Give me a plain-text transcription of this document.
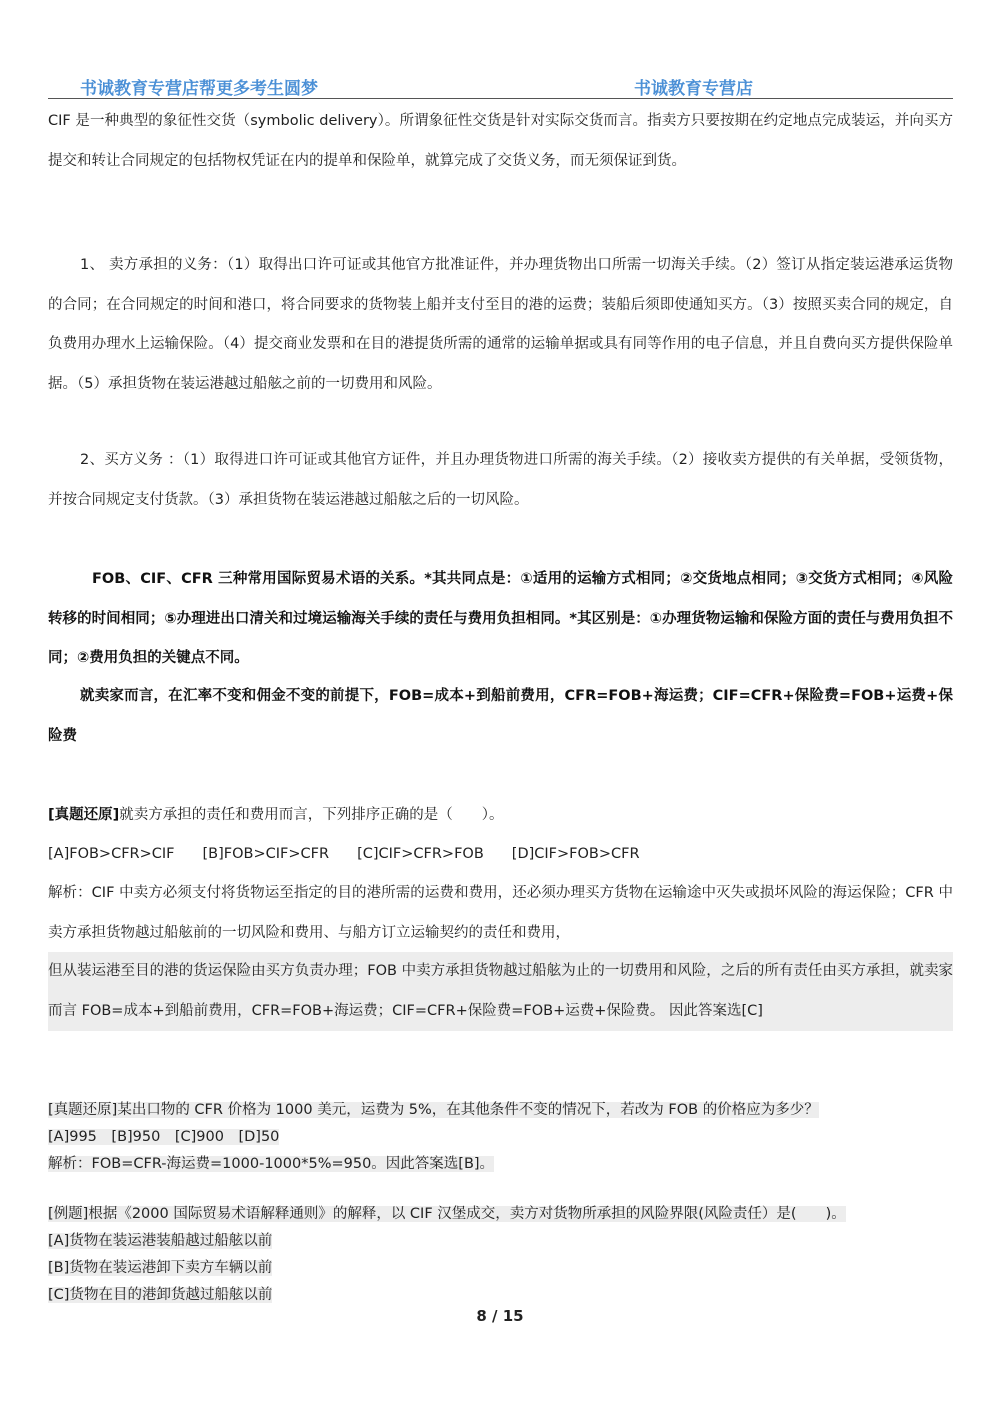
书诚教育专营店帮更多考生圆梦	书诚教育专营店
CIF 是一种典型的象征性交货（symbolic delivery）。所谓象征性交货是针对实际交货而言。指卖方只要按期在约定地点完成装运，并向买方提交和转让合同规定的包括物权凭证在内的提单和保险单，就算完成了交货义务，而无须保证到货。
1、 卖方承担的义务：（1）取得出口许可证或其他官方批准证件，并办理货物出口所需一切海关手续。（2）签订从指定装运港承运货物的合同；在合同规定的时间和港口，将合同要求的货物装上船并支付至目的港的运费；装船后须即使通知买方。（3）按照买卖合同的规定，自负费用办理水上运输保险。（4）提交商业发票和在目的港提货所需的通常的运输单据或具有同等作用的电子信息，并且自费向买方提供保险单据。（5）承担货物在装运港越过船舷之前的一切费用和风险。
2、买方义务 ：（1）取得进口许可证或其他官方证件，并且办理货物进口所需的海关手续。（2）接收卖方提供的有关单据，受领货物，并按合同规定支付货款。（3）承担货物在装运港越过船舷之后的一切风险。
FOB、CIF、CFR 三种常用国际贸易术语的关系。*其共同点是：①适用的运输方式相同；②交货地点相同；③交货方式相同；④风险转移的时间相同；⑤办理进出口清关和过境运输海关手续的责任与费用负担相同。*其区别是：①办理货物运输和保险方面的责任与费用负担不同；②费用负担的关键点不同。
就卖家而言，在汇率不变和佣金不变的前提下，FOB=成本+到船前费用，CFR=FOB+海运费；CIF=CFR+保险费=FOB+运费+保险费
[真题还原]就卖方承担的责任和费用而言，下列排序正确的是（　　）。
[A]FOB>CFR>CIF [B]FOB>CIF>CFR [C]CIF>CFR>FOB [D]CIF>FOB>CFR
解析：CIF 中卖方必须支付将货物运至指定的目的港所需的运费和费用，还必须办理买方货物在运输途中灭失或损坏风险的海运保险；CFR 中卖方承担货物越过船舷前的一切风险和费用、与船方订立运输契约的责任和费用，
但从装运港至目的港的货运保险由买方负责办理；FOB 中卖方承担货物越过船舷为止的一切费用和风险，之后的所有责任由买方承担，就卖家而言 FOB=成本+到船前费用，CFR=FOB+海运费；CIF=CFR+保险费=FOB+运费+保险费。 因此答案选[C]
[真题还原]某出口物的 CFR 价格为 1000 美元，运费为 5%，在其他条件不变的情况下，若改为 FOB 的价格应为多少？
[A]995　[B]950　[C]900　[D]50
解析：FOB=CFR-海运费=1000-1000*5%=950。因此答案选[B]。
[例题]根据《2000 国际贸易术语解释通则》的解释，以 CIF 汉堡成交，卖方对货物所承担的风险界限(风险责任）是(　　)。
[A]货物在装运港装船越过船舷以前
[B]货物在装运港卸下卖方车辆以前
[C]货物在目的港卸货越过船舷以前
8 / 15
